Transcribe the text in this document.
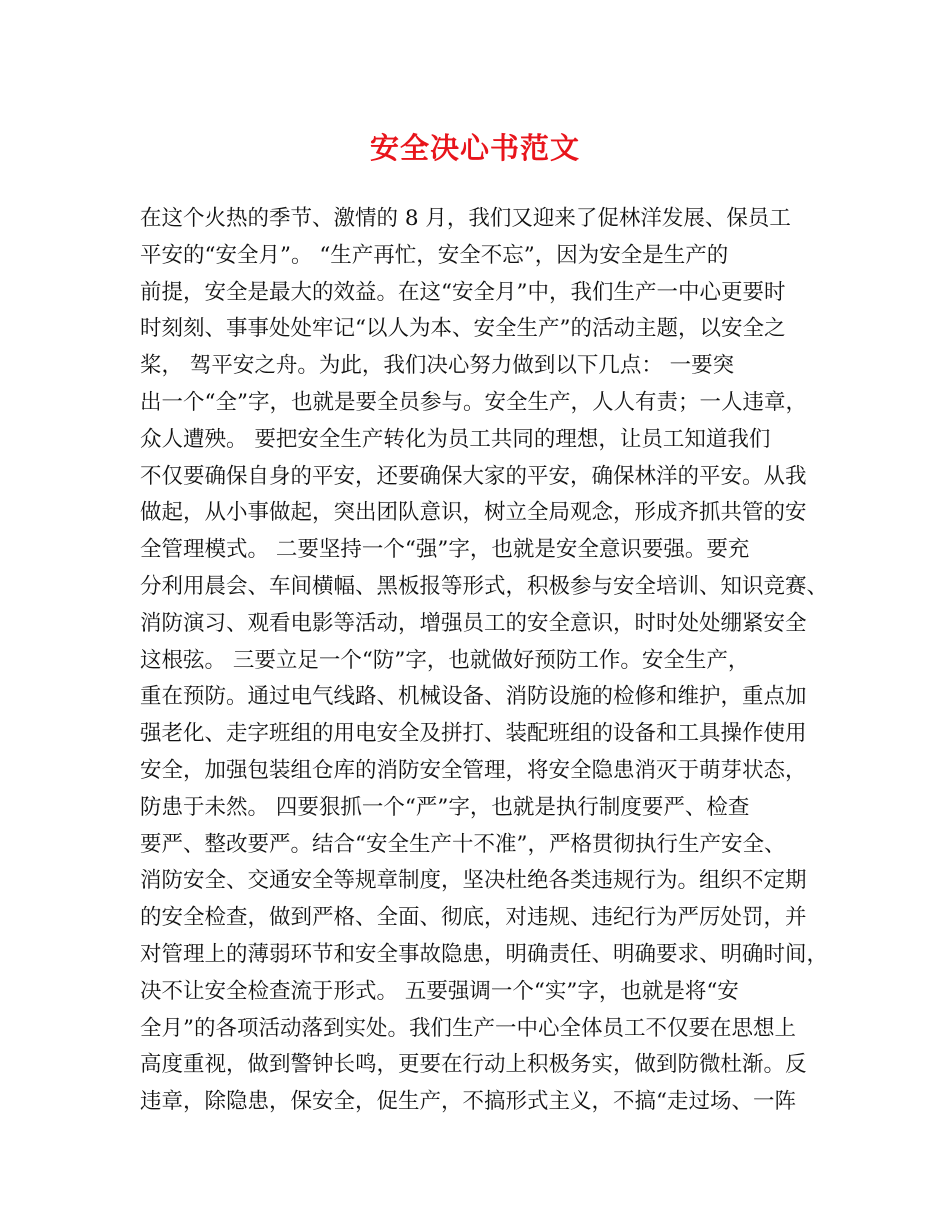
安全决心书范文
在这个火热的季节、激情的 8 月，我们又迎来了促林洋发展、保员工
平安的“安全月”。 “生产再忙，安全不忘”，因为安全是生产的
前提，安全是最大的效益。在这“安全月”中，我们生产一中心更要时
时刻刻、事事处处牢记“以人为本、安全生产”的活动主题，以安全之
桨， 驾平安之舟。为此，我们决心努力做到以下几点： 一要突
出一个“全”字，也就是要全员参与。安全生产，人人有责；一人违章，
众人遭殃。 要把安全生产转化为员工共同的理想，让员工知道我们
不仅要确保自身的平安，还要确保大家的平安，确保林洋的平安。从我
做起，从小事做起，突出团队意识，树立全局观念，形成齐抓共管的安
全管理模式。 二要坚持一个“强”字，也就是安全意识要强。要充
分利用晨会、车间横幅、黑板报等形式，积极参与安全培训、知识竞赛、
消防演习、观看电影等活动，增强员工的安全意识，时时处处绷紧安全
这根弦。 三要立足一个“防”字，也就做好预防工作。安全生产，
重在预防。通过电气线路、机械设备、消防设施的检修和维护，重点加
强老化、走字班组的用电安全及拼打、装配班组的设备和工具操作使用
安全，加强包装组仓库的消防安全管理，将安全隐患消灭于萌芽状态，
防患于未然。 四要狠抓一个“严”字，也就是执行制度要严、检查
要严、整改要严。结合“安全生产十不准”，严格贯彻执行生产安全、
消防安全、交通安全等规章制度，坚决杜绝各类违规行为。组织不定期
的安全检查，做到严格、全面、彻底，对违规、违纪行为严厉处罚，并
对管理上的薄弱环节和安全事故隐患，明确责任、明确要求、明确时间，
决不让安全检查流于形式。 五要强调一个“实”字，也就是将“安
全月”的各项活动落到实处。我们生产一中心全体员工不仅要在思想上
高度重视，做到警钟长鸣，更要在行动上积极务实，做到防微杜渐。反
违章，除隐患，保安全，促生产，不搞形式主义，不搞“走过场、一阵
